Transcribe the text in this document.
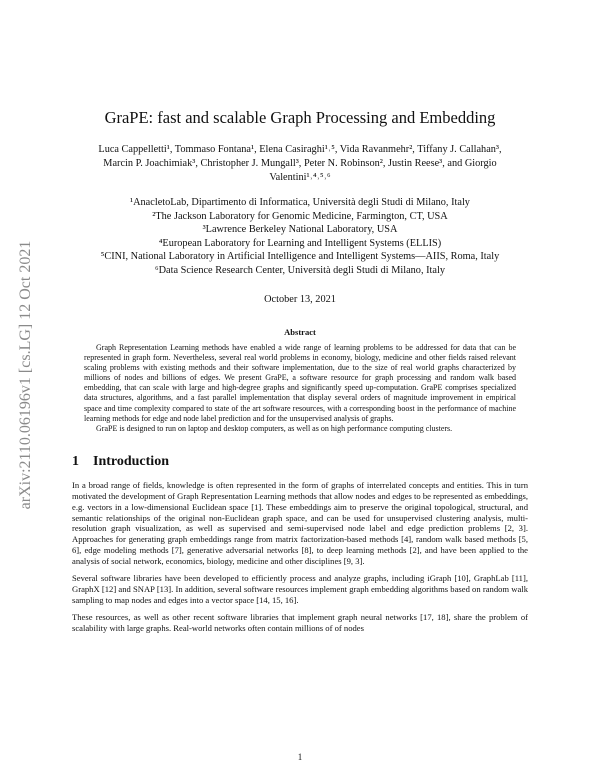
arXiv:2110.06196v1 [cs.LG] 12 Oct 2021
GraPE: fast and scalable Graph Processing and Embedding
Luca Cappelletti¹, Tommaso Fontana¹, Elena Casiraghi¹˒⁵, Vida Ravanmehr², Tiffany J. Callahan³, Marcin P. Joachimiak³, Christopher J. Mungall³, Peter N. Robinson², Justin Reese³, and Giorgio Valentini¹˒⁴˒⁵˒⁶
¹AnacletoLab, Dipartimento di Informatica, Università degli Studi di Milano, Italy
²The Jackson Laboratory for Genomic Medicine, Farmington, CT, USA
³Lawrence Berkeley National Laboratory, USA
⁴European Laboratory for Learning and Intelligent Systems (ELLIS)
⁵CINI, National Laboratory in Artificial Intelligence and Intelligent Systems—AIIS, Roma, Italy
⁶Data Science Research Center, Università degli Studi di Milano, Italy
October 13, 2021
Abstract

Graph Representation Learning methods have enabled a wide range of learning problems to be addressed for data that can be represented in graph form. Nevertheless, several real world problems in economy, biology, medicine and other fields raised relevant scaling problems with existing methods and their software implementation, due to the size of real world graphs characterized by millions of nodes and billions of edges. We present GraPE, a software resource for graph processing and random walk based embedding, that can scale with large and high-degree graphs and significantly speed up-computation. GraPE comprises specialized data structures, algorithms, and a fast parallel implementation that display several orders of magnitude improvement in empirical space and time complexity compared to state of the art software resources, with a corresponding boost in the performance of machine learning methods for edge and node label prediction and for the unsupervised analysis of graphs.

GraPE is designed to run on laptop and desktop computers, as well as on high performance computing clusters.

1 Introduction

In a broad range of fields, knowledge is often represented in the form of graphs of interrelated concepts and entities. This in turn motivated the development of Graph Representation Learning methods that allow nodes and edges to be represented as embeddings, e.g. vectors in a low-dimensional Euclidean space [1]. These embeddings aim to preserve the original topological, structural, and semantic relationships of the original non-Euclidean graph space, and can be used for unsupervised clustering analysis, multi-resolution graph visualization, as well as supervised and semi-supervised node label and edge prediction problems [2, 3]. Approaches for generating graph embeddings range from matrix factorization-based methods [4], random walk based methods [5, 6], edge modeling methods [7], generative adversarial networks [8], to deep learning methods [2], and have been applied to the analysis of social network, economics, biology, medicine and other disciplines [9, 3].

Several software libraries have been developed to efficiently process and analyze graphs, including iGraph [10], GraphLab [11], GraphX [12] and SNAP [13]. In addition, several software resources implement graph embedding algorithms based on random walk sampling to map nodes and edges into a vector space [14, 15, 16].

These resources, as well as other recent software libraries that implement graph neural networks [17, 18], share the problem of scalability with large graphs. Real-world networks often contain millions of of nodes

1
